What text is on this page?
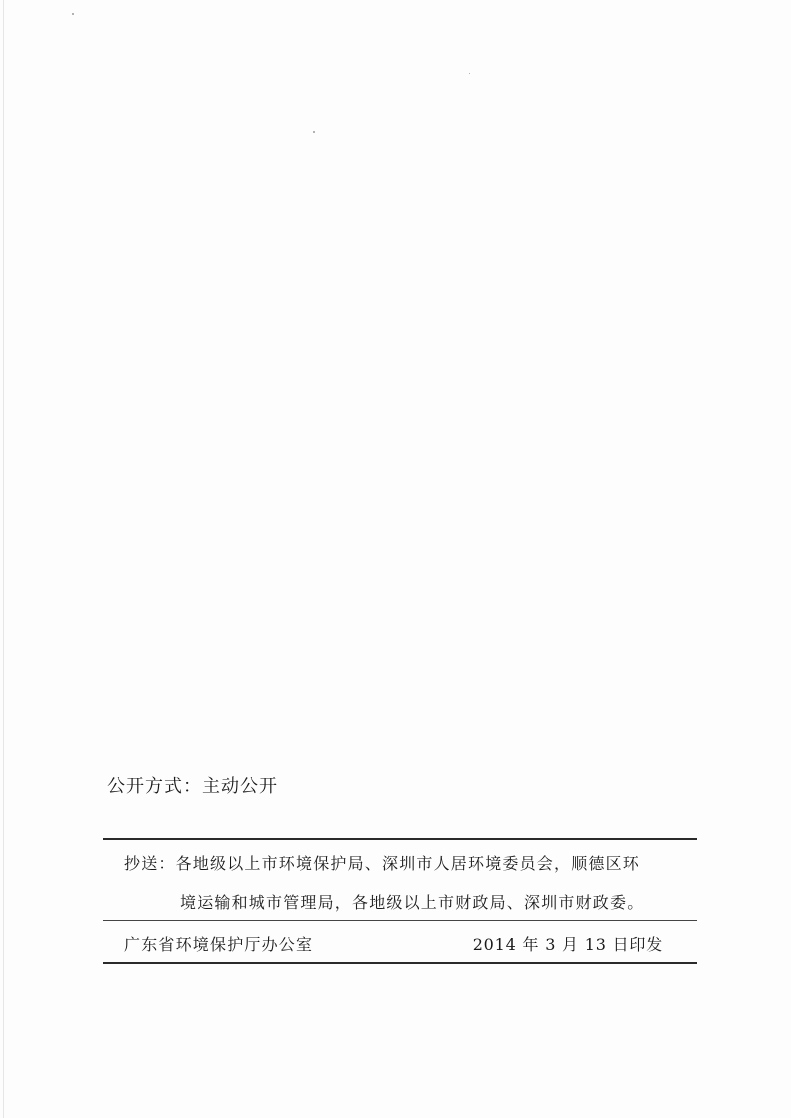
公开方式：主动公开
抄送：各地级以上市环境保护局、深圳市人居环境委员会，顺德区环
境运输和城市管理局，各地级以上市财政局、深圳市财政委。
广东省环境保护厅办公室	2014 年 3 月 13 日印发
